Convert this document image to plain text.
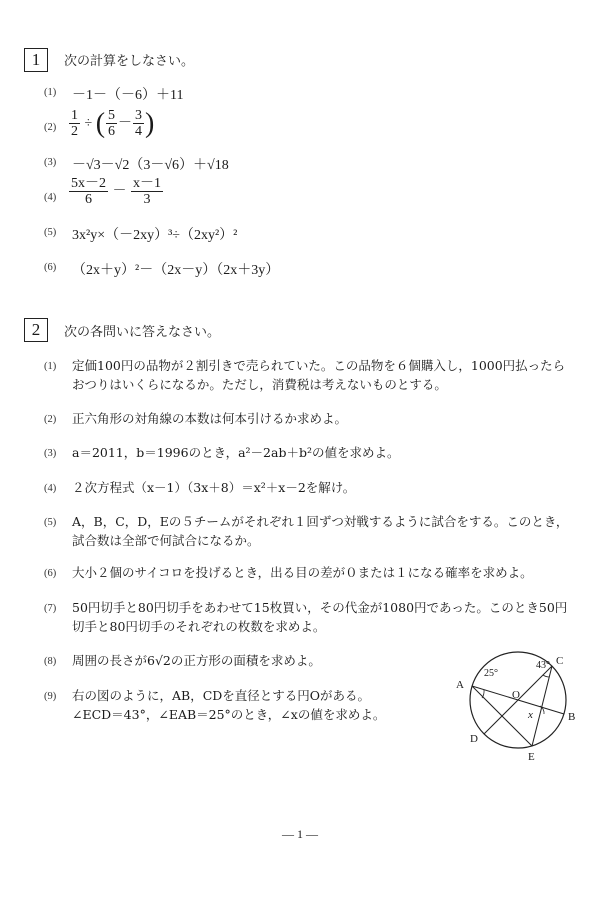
1	次の計算をしなさい。
(1) －1－（－6）＋11
$(2) \frac{1}{2}$ ÷ ( $\frac{5}{6} - \frac{3}{4}$ )
(3) －√3－√2（3－√6）＋√18
$(4) \frac{5x-2}{6} - \frac{x-1}{3}$
(5) 3x²y×（－2xy）³÷（2xy²）²
(6) （2x＋y）²－（2x－y）（2x＋3y）
2	次の各問いに答えなさい。
(1) 定価100円の品物が２割引きで売られていた。この品物を６個購入し，1000円払ったら
おつりはいくらになるか。ただし，消費税は考えないものとする。
(2) 正六角形の対角線の本数は何本引けるか求めよ。
(3) a＝2011，b＝1996のとき，a²－2ab＋b²の値を求めよ。
(4) ２次方程式（x－1）（3x＋8）＝x²＋x－2を解け。
(5) A，B，C，D，Eの５チームがそれぞれ１回ずつ対戦するように試合をする。このとき，
試合数は全部で何試合になるか。
(6) 大小２個のサイコロを投げるとき，出る目の差が０または１になる確率を求めよ。
(7) 50円切手と80円切手をあわせて15枚買い，その代金が1080円であった。このとき50円
切手と80円切手のそれぞれの枚数を求めよ。
(8) 周囲の長さが6√2の正方形の面積を求めよ。
(9) 右の図のように，AB，CDを直径とする円Oがある。
∠ECD＝43°，∠EAB＝25°のとき，∠xの値を求めよ。
A
B
C
D
E
O
x
25°
43°
— 1 —
